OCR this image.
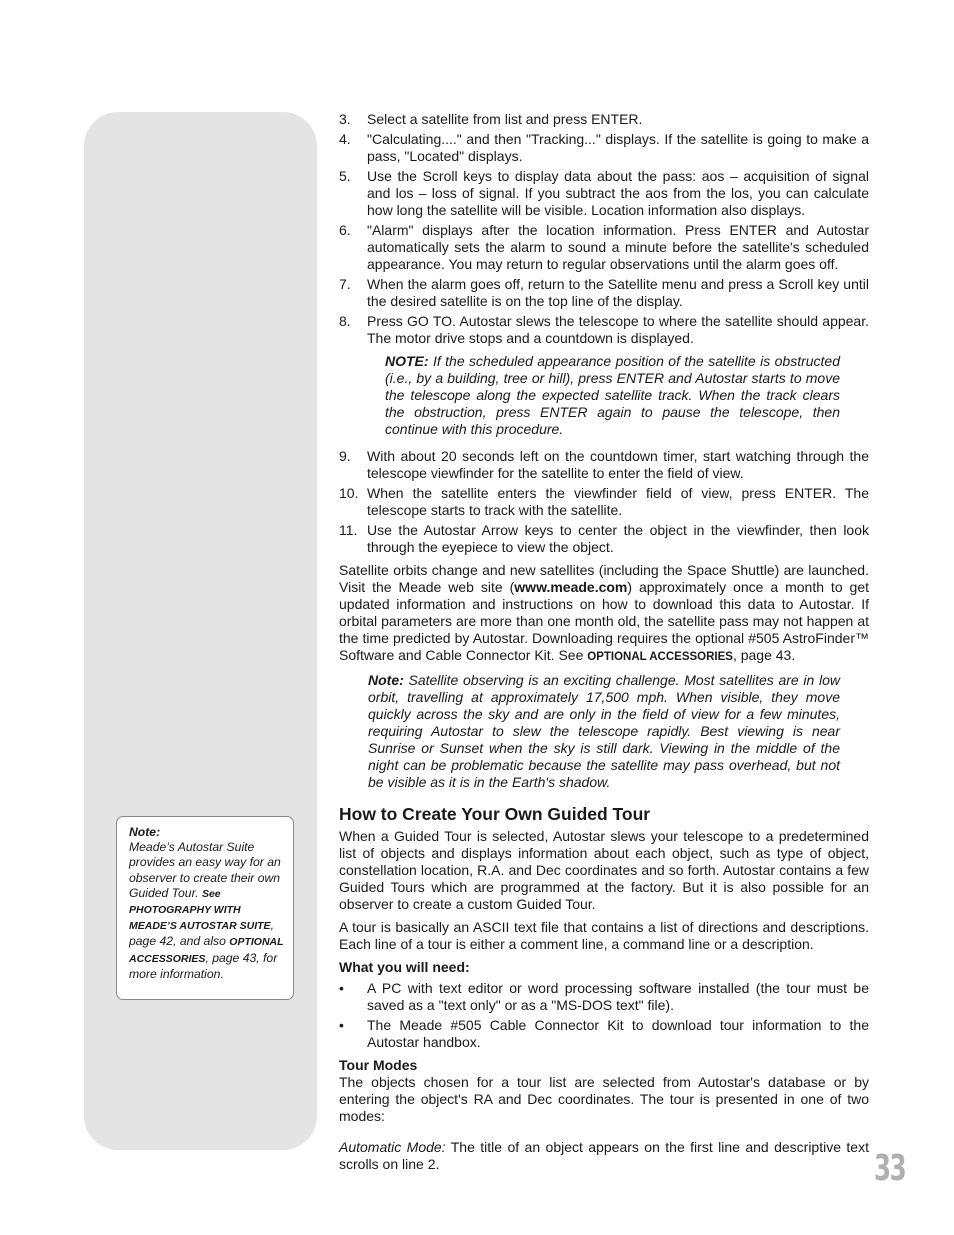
Note:
Meade’s Autostar Suite provides an easy way for an observer to create their own Guided Tour. See PHOTOGRAPHY WITH MEADE’S AUTOSTAR SUITE, page 42, and also OPTIONAL ACCESSORIES, page 43, for more information.
3. Select a satellite from list and press ENTER.
4. "Calculating...." and then "Tracking..." displays. If the satellite is going to make a pass, "Located" displays.
5. Use the Scroll keys to display data about the pass: aos – acquisition of signal and los – loss of signal. If you subtract the aos from the los, you can calculate how long the satellite will be visible. Location information also displays.
6. "Alarm" displays after the location information. Press ENTER and Autostar automatically sets the alarm to sound a minute before the satellite's scheduled appearance. You may return to regular observations until the alarm goes off.
7. When the alarm goes off, return to the Satellite menu and press a Scroll key until the desired satellite is on the top line of the display.
8. Press GO TO. Autostar slews the telescope to where the satellite should appear. The motor drive stops and a countdown is displayed.
NOTE: If the scheduled appearance position of the satellite is obstructed (i.e., by a building, tree or hill), press ENTER and Autostar starts to move the telescope along the expected satellite track. When the track clears the obstruction, press ENTER again to pause the telescope, then continue with this procedure.
9. With about 20 seconds left on the countdown timer, start watching through the telescope viewfinder for the satellite to enter the field of view.
10. When the satellite enters the viewfinder field of view, press ENTER. The telescope starts to track with the satellite.
11. Use the Autostar Arrow keys to center the object in the viewfinder, then look through the eyepiece to view the object.

Satellite orbits change and new satellites (including the Space Shuttle) are launched. Visit the Meade web site (www.meade.com) approximately once a month to get updated information and instructions on how to download this data to Autostar. If orbital parameters are more than one month old, the satellite pass may not happen at the time predicted by Autostar. Downloading requires the optional #505 AstroFinder™ Software and Cable Connector Kit. See OPTIONAL ACCESSORIES, page 43.

Note: Satellite observing is an exciting challenge. Most satellites are in low orbit, travelling at approximately 17,500 mph. When visible, they move quickly across the sky and are only in the field of view for a few minutes, requiring Autostar to slew the telescope rapidly. Best viewing is near Sunrise or Sunset when the sky is still dark. Viewing in the middle of the night can be problematic because the satellite may pass overhead, but not be visible as it is in the Earth's shadow.
How to Create Your Own Guided Tour

When a Guided Tour is selected, Autostar slews your telescope to a predetermined list of objects and displays information about each object, such as type of object, constellation location, R.A. and Dec coordinates and so forth. Autostar contains a few Guided Tours which are programmed at the factory. But it is also possible for an observer to create a custom Guided Tour.

A tour is basically an ASCII text file that contains a list of directions and descriptions. Each line of a tour is either a comment line, a command line or a description.

What you will need:
• A PC with text editor or word processing software installed (the tour must be saved as a "text only" or as a "MS-DOS text" file).
• The Meade #505 Cable Connector Kit to download tour information to the Autostar handbox.
Tour Modes

The objects chosen for a tour list are selected from Autostar's database or by entering the object's RA and Dec coordinates. The tour is presented in one of two modes:

Automatic Mode: The title of an object appears on the first line and descriptive text scrolls on line 2.	33
